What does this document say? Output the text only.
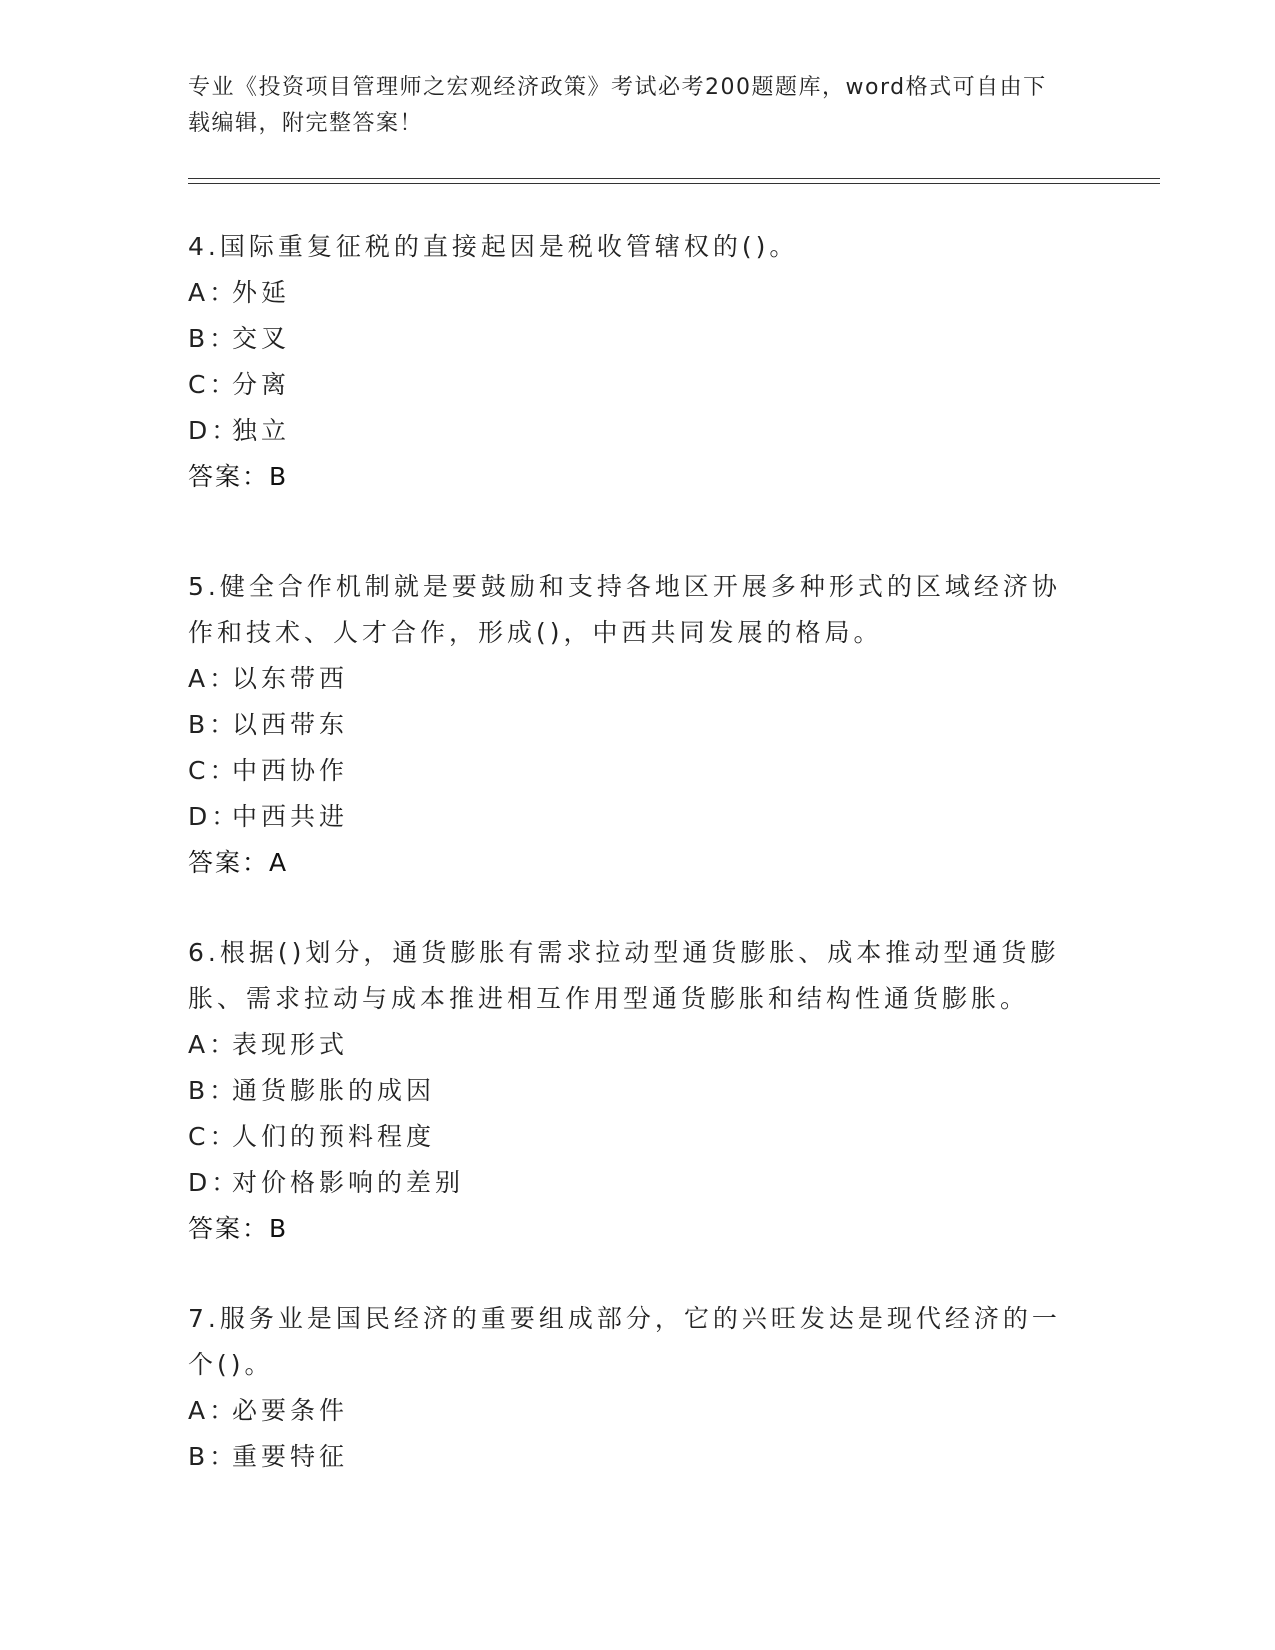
专业《投资项目管理师之宏观经济政策》考试必考200题题库，word格式可自由下载编辑，附完整答案！
4.国际重复征税的直接起因是税收管辖权的()。
A：
外延
B：
交叉
C：
分离
D：
独立
答案：B
5.健全合作机制就是要鼓励和支持各地区开展多种形式的区域经济协作和技术、人才合作，形成()，中西共同发展的格局。
A：
以东带西
B：
以西带东
C：
中西协作
D：
中西共进
答案：A
6.根据()划分，通货膨胀有需求拉动型通货膨胀、成本推动型通货膨胀、需求拉动与成本推进相互作用型通货膨胀和结构性通货膨胀。
A：
表现形式
B：
通货膨胀的成因
C：
人们的预料程度
D：
对价格影响的差别
答案：B
7.服务业是国民经济的重要组成部分，它的兴旺发达是现代经济的一个()。
A：
必要条件
B：
重要特征
